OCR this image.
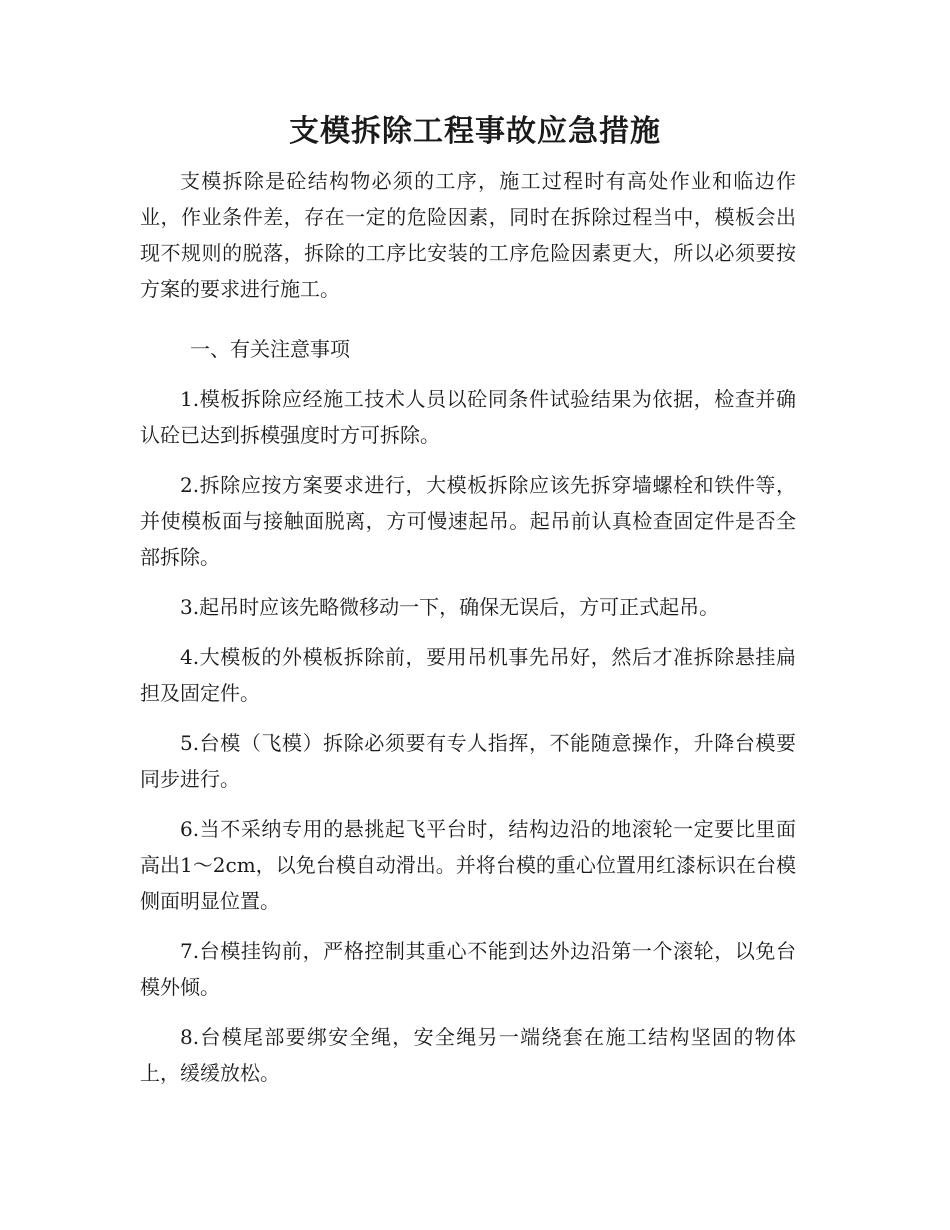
支模拆除工程事故应急措施

支模拆除是砼结构物必须的工序，施工过程时有高处作业和临边作业，作业条件差，存在一定的危险因素，同时在拆除过程当中，模板会出现不规则的脱落，拆除的工序比安装的工序危险因素更大，所以必须要按方案的要求进行施工。

一、有关注意事项

1.模板拆除应经施工技术人员以砼同条件试验结果为依据，检查并确认砼已达到拆模强度时方可拆除。

2.拆除应按方案要求进行，大模板拆除应该先拆穿墙螺栓和铁件等，并使模板面与接触面脱离，方可慢速起吊。起吊前认真检查固定件是否全部拆除。

3.起吊时应该先略微移动一下，确保无误后，方可正式起吊。

4.大模板的外模板拆除前，要用吊机事先吊好，然后才准拆除悬挂扁担及固定件。

5.台模（飞模）拆除必须要有专人指挥，不能随意操作，升降台模要同步进行。

6.当不采纳专用的悬挑起飞平台时，结构边沿的地滚轮一定要比里面高出1～2cm，以免台模自动滑出。并将台模的重心位置用红漆标识在台模侧面明显位置。

7.台模挂钩前，严格控制其重心不能到达外边沿第一个滚轮，以免台模外倾。

8.台模尾部要绑安全绳，安全绳另一端绕套在施工结构坚固的物体上，缓缓放松。
